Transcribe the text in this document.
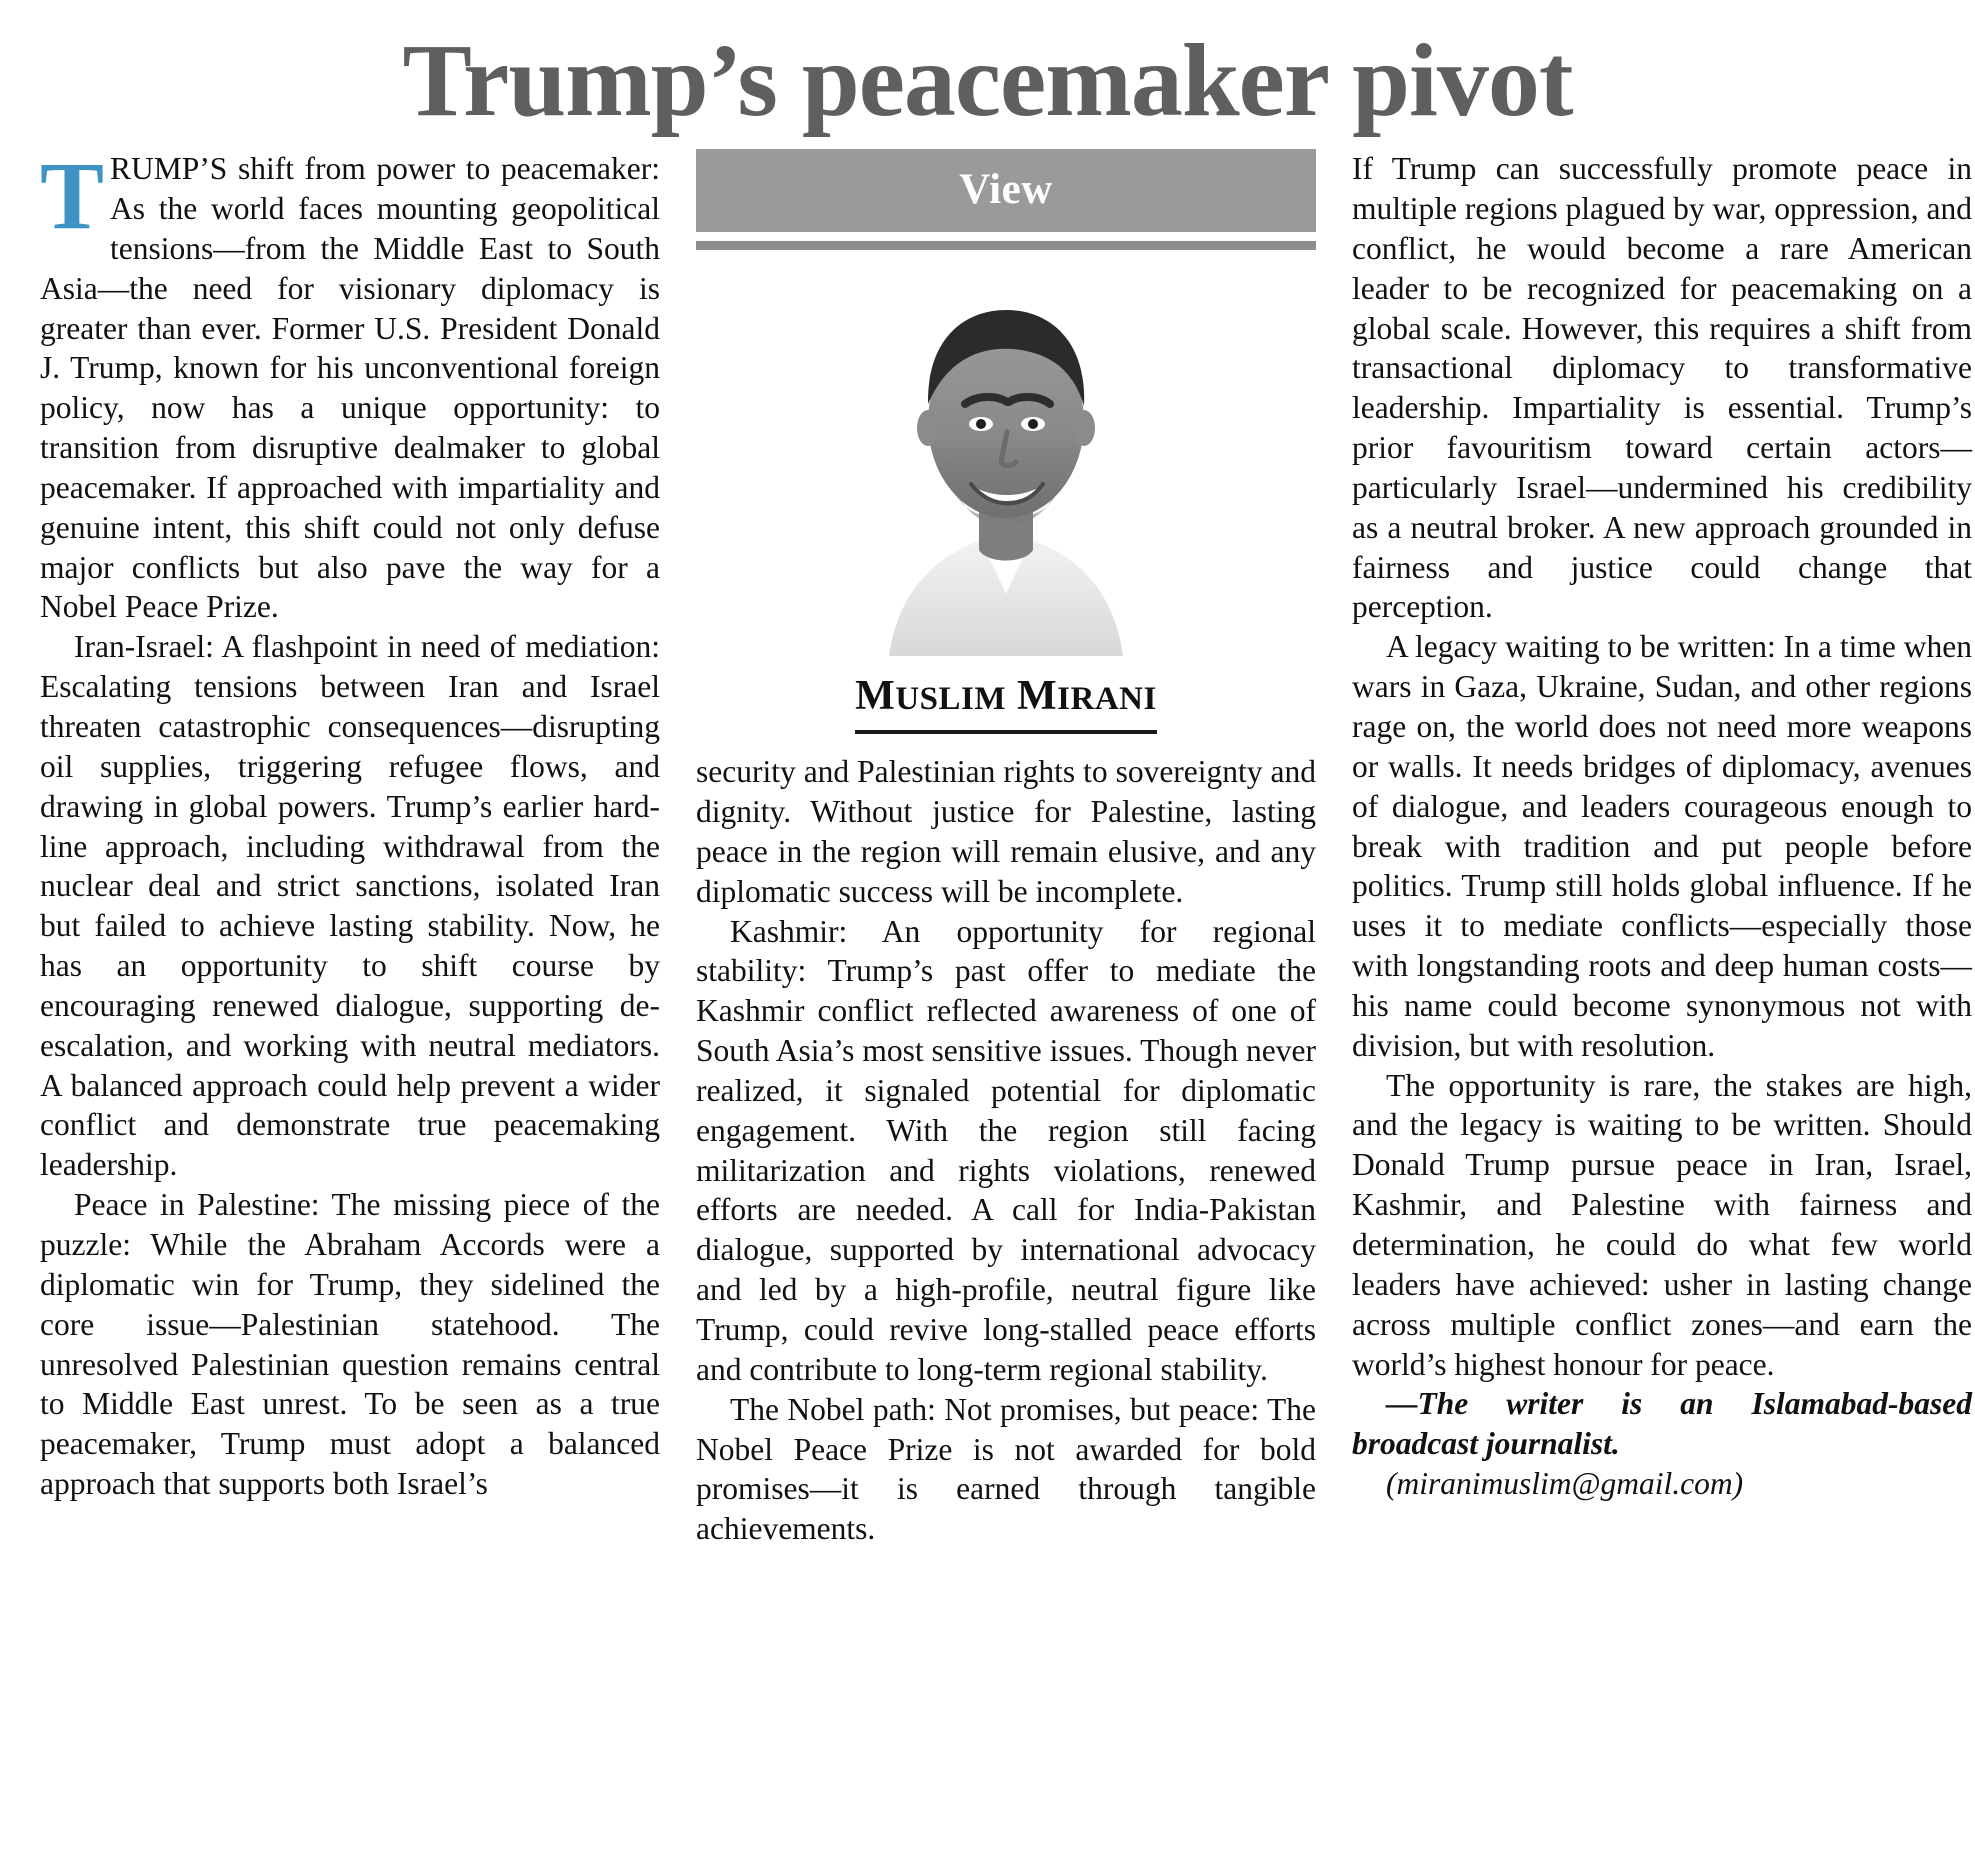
Trump’s peacemaker pivot

TRUMP’S shift from power to peacemaker: As the world faces mounting geopolitical tensions—from the Middle East to South Asia—the need for visionary diplomacy is greater than ever. Former U.S. President Donald J. Trump, known for his unconventional foreign policy, now has a unique opportunity: to transition from disruptive dealmaker to global peacemaker. If approached with impartiality and genuine intent, this shift could not only defuse major conflicts but also pave the way for a Nobel Peace Prize.

Iran-Israel: A flashpoint in need of mediation: Escalating tensions between Iran and Israel threaten catastrophic consequences—disrupting oil supplies, triggering refugee flows, and drawing in global powers. Trump’s earlier hard-line approach, including withdrawal from the nuclear deal and strict sanctions, isolated Iran but failed to achieve lasting stability. Now, he has an opportunity to shift course by encouraging renewed dialogue, supporting de-escalation, and working with neutral mediators. A balanced approach could help prevent a wider conflict and demonstrate true peacemaking leadership.

Peace in Palestine: The missing piece of the puzzle: While the Abraham Accords were a diplomatic win for Trump, they sidelined the core issue—Palestinian statehood. The unresolved Palestinian question remains central to Middle East unrest. To be seen as a true peacemaker, Trump must adopt a balanced approach that supports both Israel’s

View
MUSLIM MIRANI

security and Palestinian rights to sovereignty and dignity. Without justice for Palestine, lasting peace in the region will remain elusive, and any diplomatic success will be incomplete.

Kashmir: An opportunity for regional stability: Trump’s past offer to mediate the Kashmir conflict reflected awareness of one of South Asia’s most sensitive issues. Though never realized, it signaled potential for diplomatic engagement. With the region still facing militarization and rights violations, renewed efforts are needed. A call for India-Pakistan dialogue, supported by international advocacy and led by a high-profile, neutral figure like Trump, could revive long-stalled peace efforts and contribute to long-term regional stability.

The Nobel path: Not promises, but peace: The Nobel Peace Prize is not awarded for bold promises—it is earned through tangible achievements.

If Trump can successfully promote peace in multiple regions plagued by war, oppression, and conflict, he would become a rare American leader to be recognized for peacemaking on a global scale. However, this requires a shift from transactional diplomacy to transformative leadership. Impartiality is essential. Trump’s prior favouritism toward certain actors—particularly Israel—undermined his credibility as a neutral broker. A new approach grounded in fairness and justice could change that perception.

A legacy waiting to be written: In a time when wars in Gaza, Ukraine, Sudan, and other regions rage on, the world does not need more weapons or walls. It needs bridges of diplomacy, avenues of dialogue, and leaders courageous enough to break with tradition and put people before politics. Trump still holds global influence. If he uses it to mediate conflicts—especially those with longstanding roots and deep human costs—his name could become synonymous not with division, but with resolution.

The opportunity is rare, the stakes are high, and the legacy is waiting to be written. Should Donald Trump pursue peace in Iran, Israel, Kashmir, and Palestine with fairness and determination, he could do what few world leaders have achieved: usher in lasting change across multiple conflict zones—and earn the world’s highest honour for peace.

—The writer is an Islamabad-based broadcast journalist.

(miranimuslim@gmail.com)
